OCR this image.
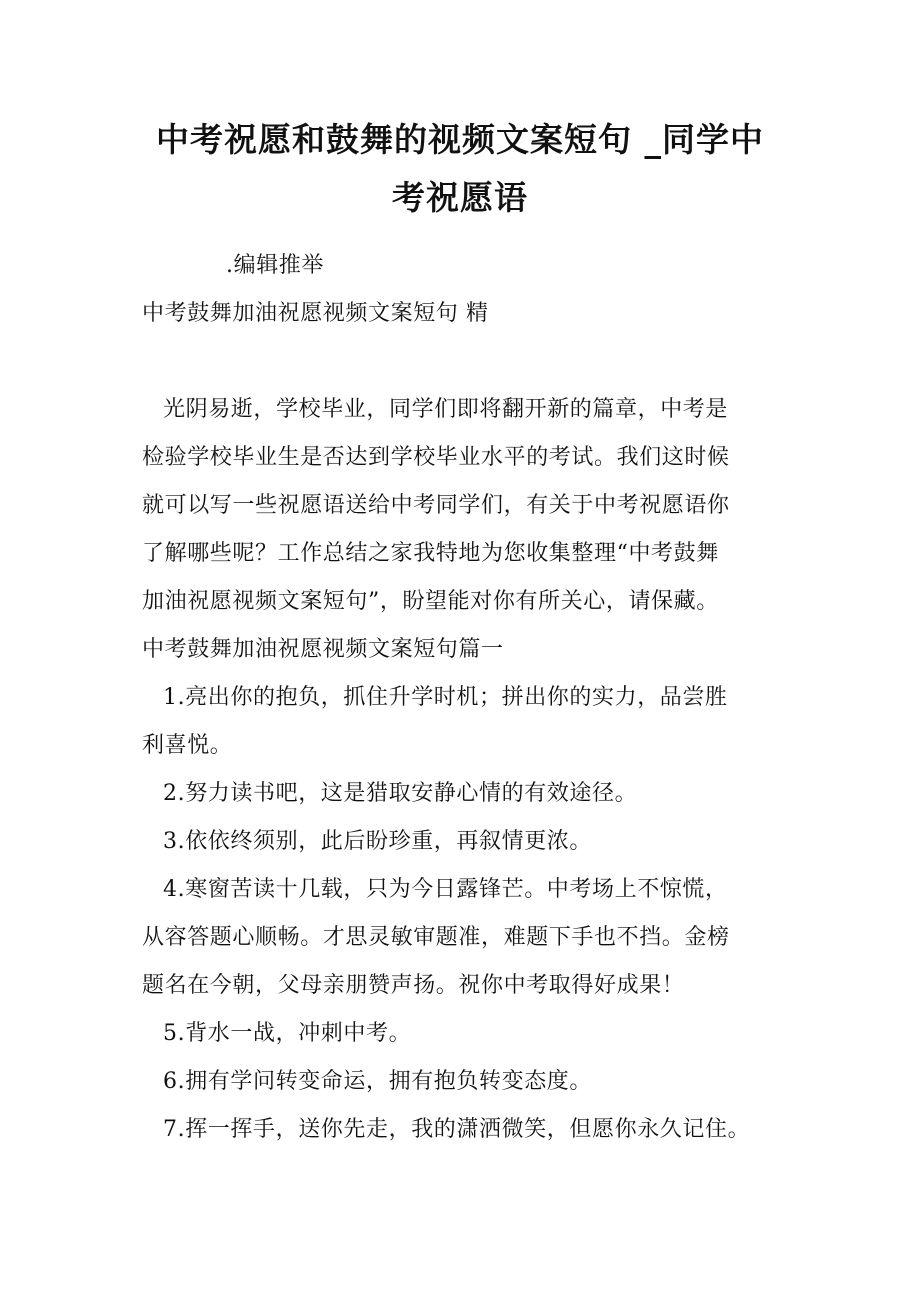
中考祝愿和鼓舞的视频文案短句 _同学中
考祝愿语
.编辑推举
中考鼓舞加油祝愿视频文案短句 精
光阴易逝，学校毕业，同学们即将翻开新的篇章，中考是
检验学校毕业生是否达到学校毕业水平的考试。我们这时候
就可以写一些祝愿语送给中考同学们，有关于中考祝愿语你
了解哪些呢？工作总结之家我特地为您收集整理“中考鼓舞
加油祝愿视频文案短句”，盼望能对你有所关心，请保藏。
中考鼓舞加油祝愿视频文案短句篇一
1.亮出你的抱负，抓住升学时机；拼出你的实力，品尝胜
利喜悦。
2.努力读书吧，这是猎取安静心情的有效途径。
3.依依终须别，此后盼珍重，再叙情更浓。
4.寒窗苦读十几载，只为今日露锋芒。中考场上不惊慌，
从容答题心顺畅。才思灵敏审题准，难题下手也不挡。金榜
题名在今朝，父母亲朋赞声扬。祝你中考取得好成果！
5.背水一战，冲刺中考。
6.拥有学问转变命运，拥有抱负转变态度。
7.挥一挥手，送你先走，我的潇洒微笑，但愿你永久记住。
